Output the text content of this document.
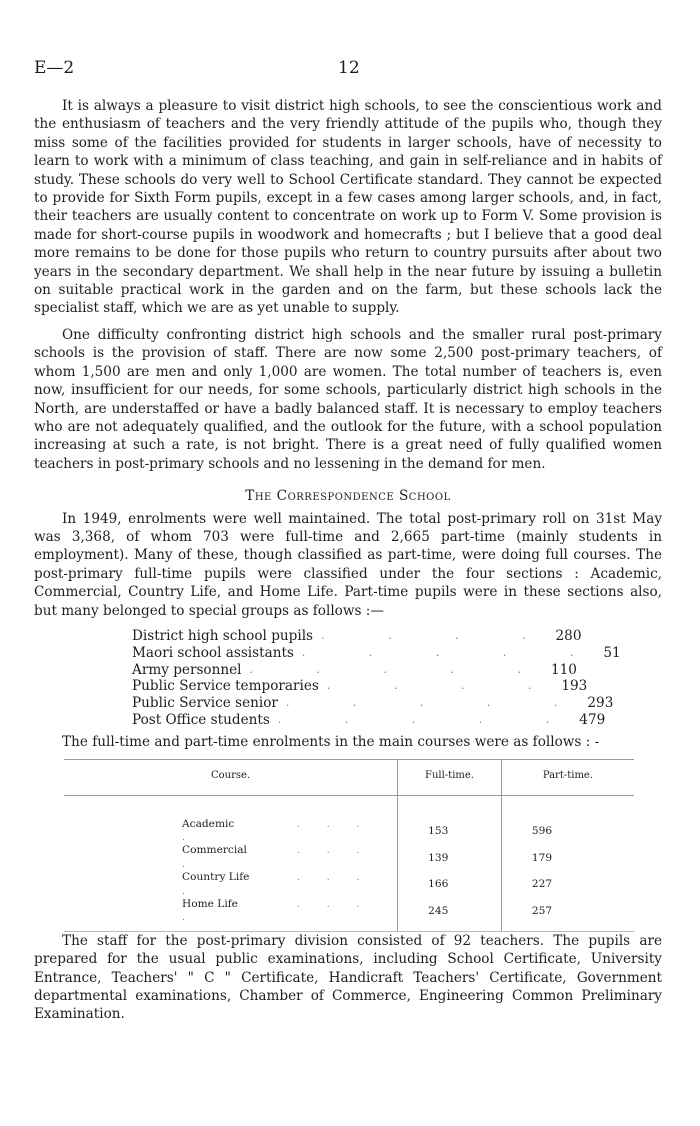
E—2	12

It is always a pleasure to visit district high schools, to see the conscientious work and the enthusiasm of teachers and the very friendly attitude of the pupils who, though they miss some of the facilities provided for students in larger schools, have of necessity to learn to work with a minimum of class teaching, and gain in self-reliance and in habits of study. These schools do very well to School Certificate standard. They cannot be expected to provide for Sixth Form pupils, except in a few cases among larger schools, and, in fact, their teachers are usually content to concentrate on work up to Form V. Some provision is made for short-course pupils in woodwork and homecrafts ; but I believe that a good deal more remains to be done for those pupils who return to country pursuits after about two years in the secondary department. We shall help in the near future by issuing a bulletin on suitable practical work in the garden and on the farm, but these schools lack the specialist staff, which we are as yet unable to supply.

One difficulty confronting district high schools and the smaller rural post-primary schools is the provision of staff. There are now some 2,500 post-primary teachers, of whom 1,500 are men and only 1,000 are women. The total number of teachers is, even now, insufficient for our needs, for some schools, particularly district high schools in the North, are understaffed or have a badly balanced staff. It is necessary to employ teachers who are not adequately qualified, and the outlook for the future, with a school population increasing at such a rate, is not bright. There is a great need of fully qualified women teachers in post-primary schools and no lessening in the demand for men.

The Correspondence School

In 1949, enrolments were well maintained. The total post-primary roll on 31st May was 3,368, of whom 703 were full-time and 2,665 part-time (mainly students in employment). Many of these, though classified as part-time, were doing full courses. The post-primary full-time pupils were classified under the four sections : Academic, Commercial, Country Life, and Home Life. Part-time pupils were in these sections also, but many belonged to special groups as follows :—

District high school pupils . . . . 280
Maori school assistants . . . . . 51
Army personnel . . . . . 110
Public Service temporaries . . . . 193
Public Service senior . . . . . 293
Post Office students . . . . . 479

The full-time and part-time enrolments in the main courses were as follows : -

Course.	Full-time.	Part-time.

Academic . . . .	153	596
Commercial . . . .	139	179
Country Life . . . .	166	227
Home Life . . . .	245	257

The staff for the post-primary division consisted of 92 teachers. The pupils are prepared for the usual public examinations, including School Certificate, University Entrance, Teachers' " C " Certificate, Handicraft Teachers' Certificate, Government departmental examinations, Chamber of Commerce, Engineering Common Preliminary Examination.
